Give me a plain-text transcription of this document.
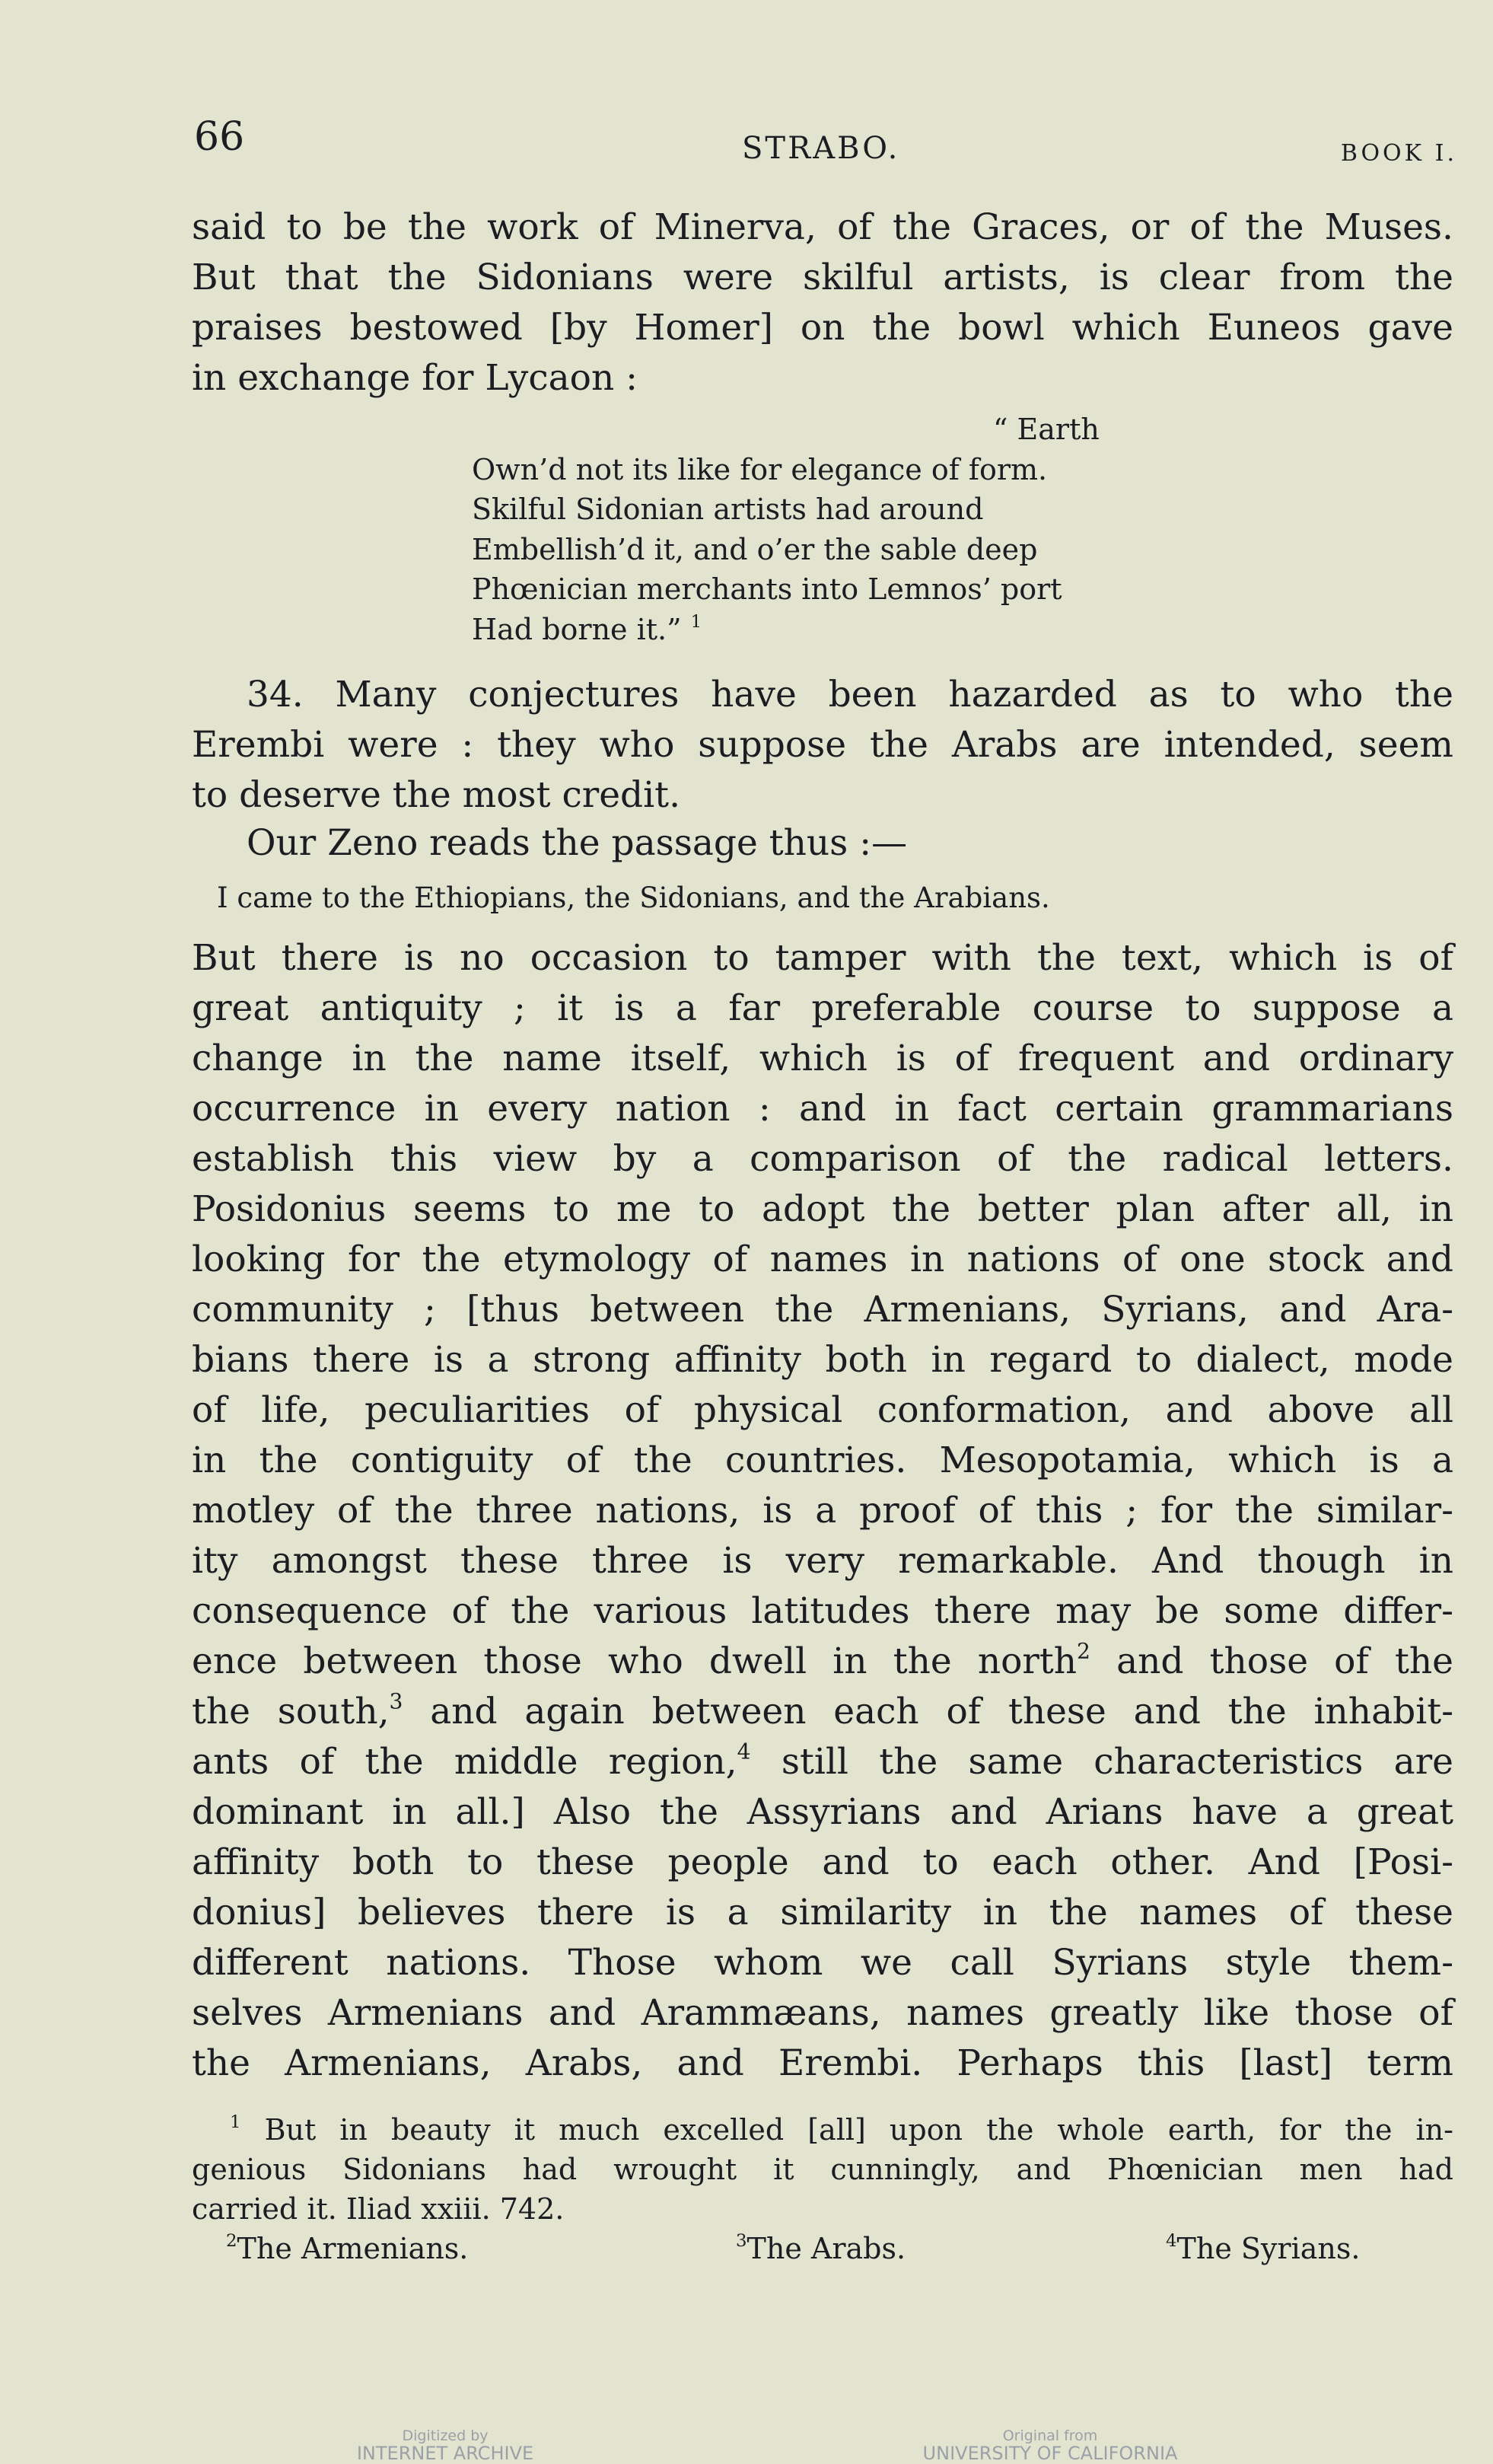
66	STRABO.	BOOK I.
said to be the work of Minerva, of the Graces, or of the Muses.
But that the Sidonians were skilful artists, is clear from the
praises bestowed [by Homer] on the bowl which Euneos gave
in exchange for Lycaon :
“ Earth
Own’d not its like for elegance of form.
Skilful Sidonian artists had around
Embellish’d it, and o’er the sable deep
Phœnician merchants into Lemnos’ port
Had borne it.” $^1$
34. Many conjectures have been hazarded as to who the
Erembi were : they who suppose the Arabs are intended, seem
to deserve the most credit.
Our Zeno reads the passage thus :—
I came to the Ethiopians, the Sidonians, and the Arabians.
But there is no occasion to tamper with the text, which is of
great antiquity ; it is a far preferable course to suppose a
change in the name itself, which is of frequent and ordinary
occurrence in every nation : and in fact certain grammarians
establish this view by a comparison of the radical letters.
Posidonius seems to me to adopt the better plan after all, in
looking for the etymology of names in nations of one stock and
community ; [thus between the Armenians, Syrians, and Ara-
bians there is a strong affinity both in regard to dialect, mode
of life, peculiarities of physical conformation, and above all
in the contiguity of the countries. Mesopotamia, which is a
motley of the three nations, is a proof of this ; for the similar-
ity amongst these three is very remarkable. And though in
consequence of the various latitudes there may be some differ-
ence between those who dwell in the north$^2$ and those of the
the south,$^3$ and again between each of these and the inhabit-
ants of the middle region,$^4$ still the same characteristics are
dominant in all.] Also the Assyrians and Arians have a great
affinity both to these people and to each other. And [Posi-
donius] believes there is a similarity in the names of these
different nations. Those whom we call Syrians style them-
selves Armenians and Arammæans, names greatly like those of
the Armenians, Arabs, and Erembi. Perhaps this [last] term
$^1$ But in beauty it much excelled [all] upon the whole earth, for the in-
genious Sidonians had wrought it cunningly, and Phœnician men had
carried it. Iliad xxiii. 742.
$^2$ The Armenians.	$^3$ The Arabs.	$^4$ The Syrians.
Digitized by
INTERNET ARCHIVE
Original from
UNIVERSITY OF CALIFORNIA
